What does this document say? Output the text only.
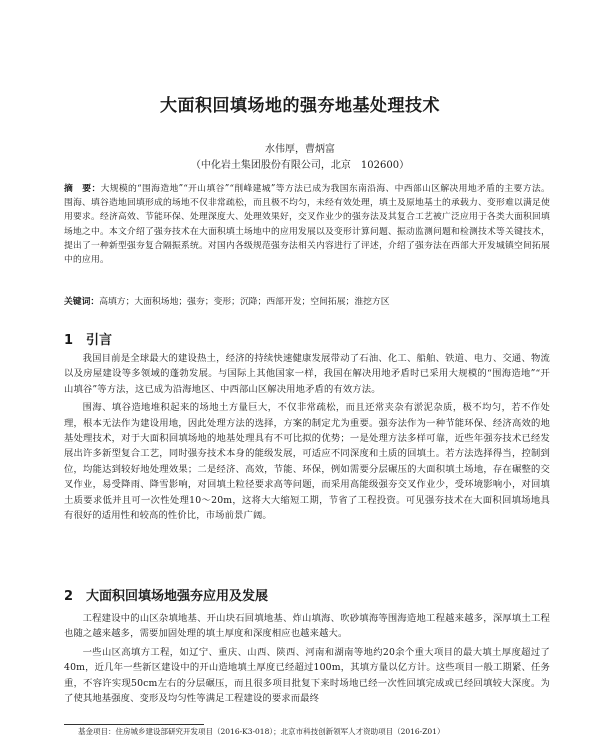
大面积回填场地的强夯地基处理技术
水伟厚，曹炳富
（中化岩土集团股份有限公司，北京　102600）
摘　要：大规模的“围海造地”“开山填谷”“削峰建城”等方法已成为我国东南沿海、中西部山区解决用地矛盾的主要方法。围海、填谷造地回填形成的场地不仅非常疏松，而且极不均匀，未经有效处理，填土及原地基土的承载力、变形难以满足使用要求。经济高效、节能环保、处理深度大、处理效果好，交叉作业少的强夯法及其复合工艺被广泛应用于各类大面积回填场地之中。本文介绍了强夯技术在大面积填土场地中的应用发展以及变形计算问题、振动监测问题和检测技术等关键技术，提出了一种新型强夯复合隔振系统。对国内各级规范强夯法相关内容进行了评述，介绍了强夯法在西部大开发城镇空间拓展中的应用。
关键词：高填方；大面积场地；强夯；变形；沉降；西部开发；空间拓展；淮挖方区
1 引言

我国目前是全球最大的建设热土，经济的持续快速健康发展带动了石油、化工、船舶、铁道、电力、交通、物流以及房屋建设等多领域的蓬勃发展。与国际上其他国家一样，我国在解决用地矛盾时已采用大规模的“围海造地”“开山填谷”等方法，这已成为沿海地区、中西部山区解决用地矛盾的有效方法。

围海、填谷造地堆积起来的场地土方量巨大，不仅非常疏松，而且还常夹杂有淤泥杂质，极不均匀，若不作处理，根本无法作为建设用地，因此处理方法的选择，方案的制定尤为重要。强夯法作为一种节能环保、经济高效的地基处理技术，对于大面积回填场地的地基处理具有不可比拟的优势；一是处理方法多样可靠，近些年强夯技术已经发展出许多新型复合工艺，同时强夯技术本身的能级发展，可适应不同深度和土质的回填土。若方法选择得当，控制到位，均能达到较好地处理效果；二是经济、高效，节能、环保，例如需要分层碾压的大面积填土场地，存在碾整的交叉作业，易受降雨、降雪影响，对回填土粒径要求高等问题，而采用高能级强夯交叉作业少，受环境影响小，对回填土质要求低并且可一次性处理10～20m，这将大大缩短工期，节省了工程投资。可见强夯技术在大面积回填场地具有很好的适用性和较高的性价比，市场前景广阔。

2 大面积回填场地强夯应用及发展

工程建设中的山区杂填地基、开山块石回填地基、炸山填海、吹砂填海等围海造地工程越来越多，深厚填土工程也随之越来越多，需要加固处理的填土厚度和深度相应也越来越大。

一些山区高填方工程，如辽宁、重庆、山西、陕西、河南和湖南等地约20余个重大项目的最大填土厚度超过了40m，近几年一些新区建设中的开山造地填土厚度已经超过100m，其填方量以亿方计。这些项目一般工期紧、任务重，不容许实现50cm左右的分层碾压，而且很多项目批复下来时场地已经一次性回填完成或已经回填较大深度。为了使其地基强度、变形及均匀性等满足工程建设的要求而最终

基金项目：住房城乡建设部研究开发项目（2016-K3-018）；北京市科技创新领军人才资助项目（2016-Z01）
